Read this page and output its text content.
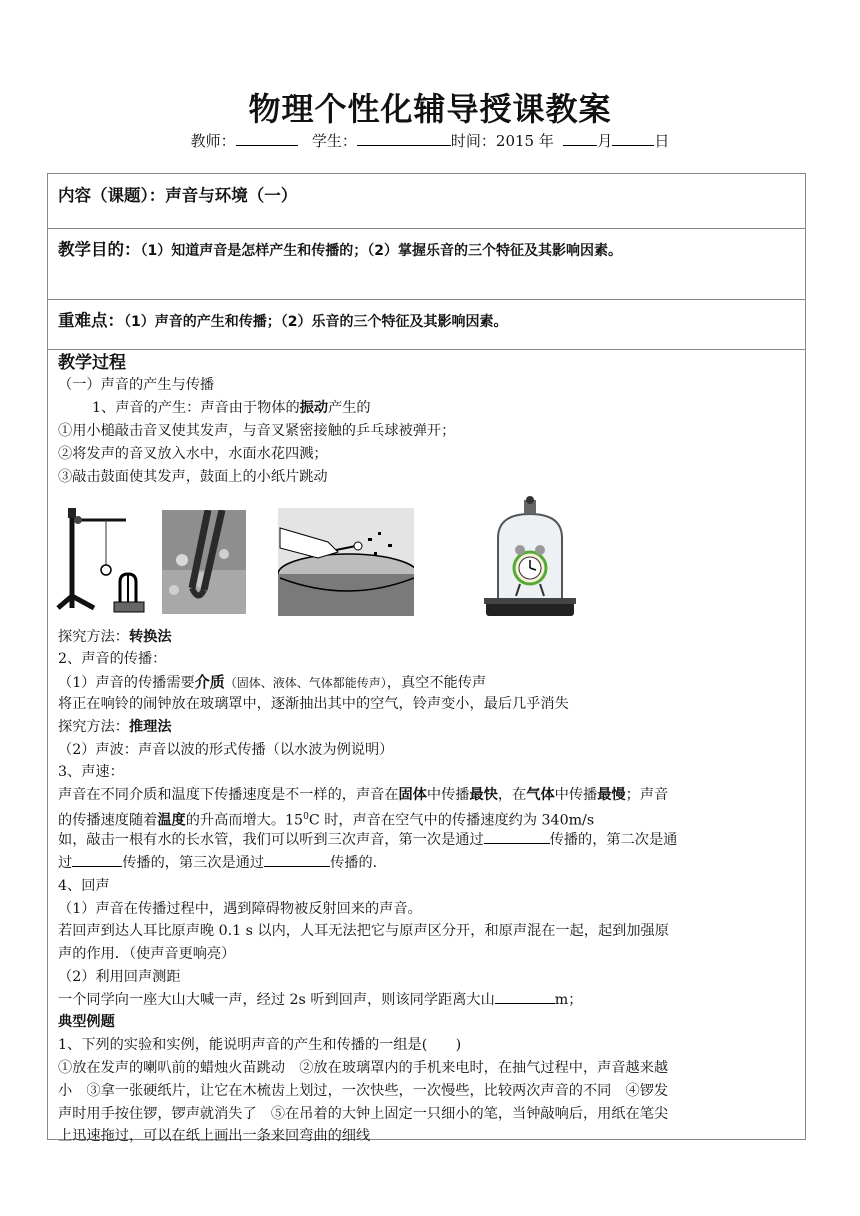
物理个性化辅导授课教案
教师：	学生：	时间：2015 年	月	日
内容（课题）：声音与环境（一）
教学目的：（1）知道声音是怎样产生和传播的；（2）掌握乐音的三个特征及其影响因素。
重难点：（1）声音的产生和传播；（2）乐音的三个特征及其影响因素。
教学过程
（一）声音的产生与传播
1、声音的产生：声音由于物体的振动产生的
①用小槌敲击音叉使其发声，与音叉紧密接触的乒乓球被弹开；
②将发声的音叉放入水中，水面水花四溅；
③敲击鼓面使其发声，鼓面上的小纸片跳动
探究方法：转换法
2、声音的传播：
（1）声音的传播需要介质（固体、液体、气体都能传声），真空不能传声
将正在响铃的闹钟放在玻璃罩中，逐渐抽出其中的空气，铃声变小，最后几乎消失
探究方法：推理法
（2）声波：声音以波的形式传播（以水波为例说明）
3、声速：
声音在不同介质和温度下传播速度是不一样的，声音在固体中传播最快，在气体中传播最慢；声音
的传播速度随着温度的升高而增大。$15^0C$ 时，声音在空气中的传播速度约为 340m/s
如，敲击一根有水的长水管，我们可以听到三次声音，第一次是通过	传播的，第二次是通
过	传播的，第三次是通过	传播的.
4、回声
（1）声音在传播过程中，遇到障碍物被反射回来的声音。
若回声到达人耳比原声晚 0.1 s 以内，人耳无法把它与原声区分开，和原声混在一起，起到加强原
声的作用．（使声音更响亮）
（2）利用回声测距
一个同学向一座大山大喊一声，经过 2s 听到回声，则该同学距离大山	m；
典型例题
1、下列的实验和实例，能说明声音的产生和传播的一组是(　　)
①放在发声的喇叭前的蜡烛火苗跳动　②放在玻璃罩内的手机来电时，在抽气过程中，声音越来越
小　③拿一张硬纸片，让它在木梳齿上划过，一次快些，一次慢些，比较两次声音的不同　④锣发
声时用手按住锣，锣声就消失了　⑤在吊着的大钟上固定一只细小的笔，当钟敲响后，用纸在笔尖
上迅速拖过，可以在纸上画出一条来回弯曲的细线
